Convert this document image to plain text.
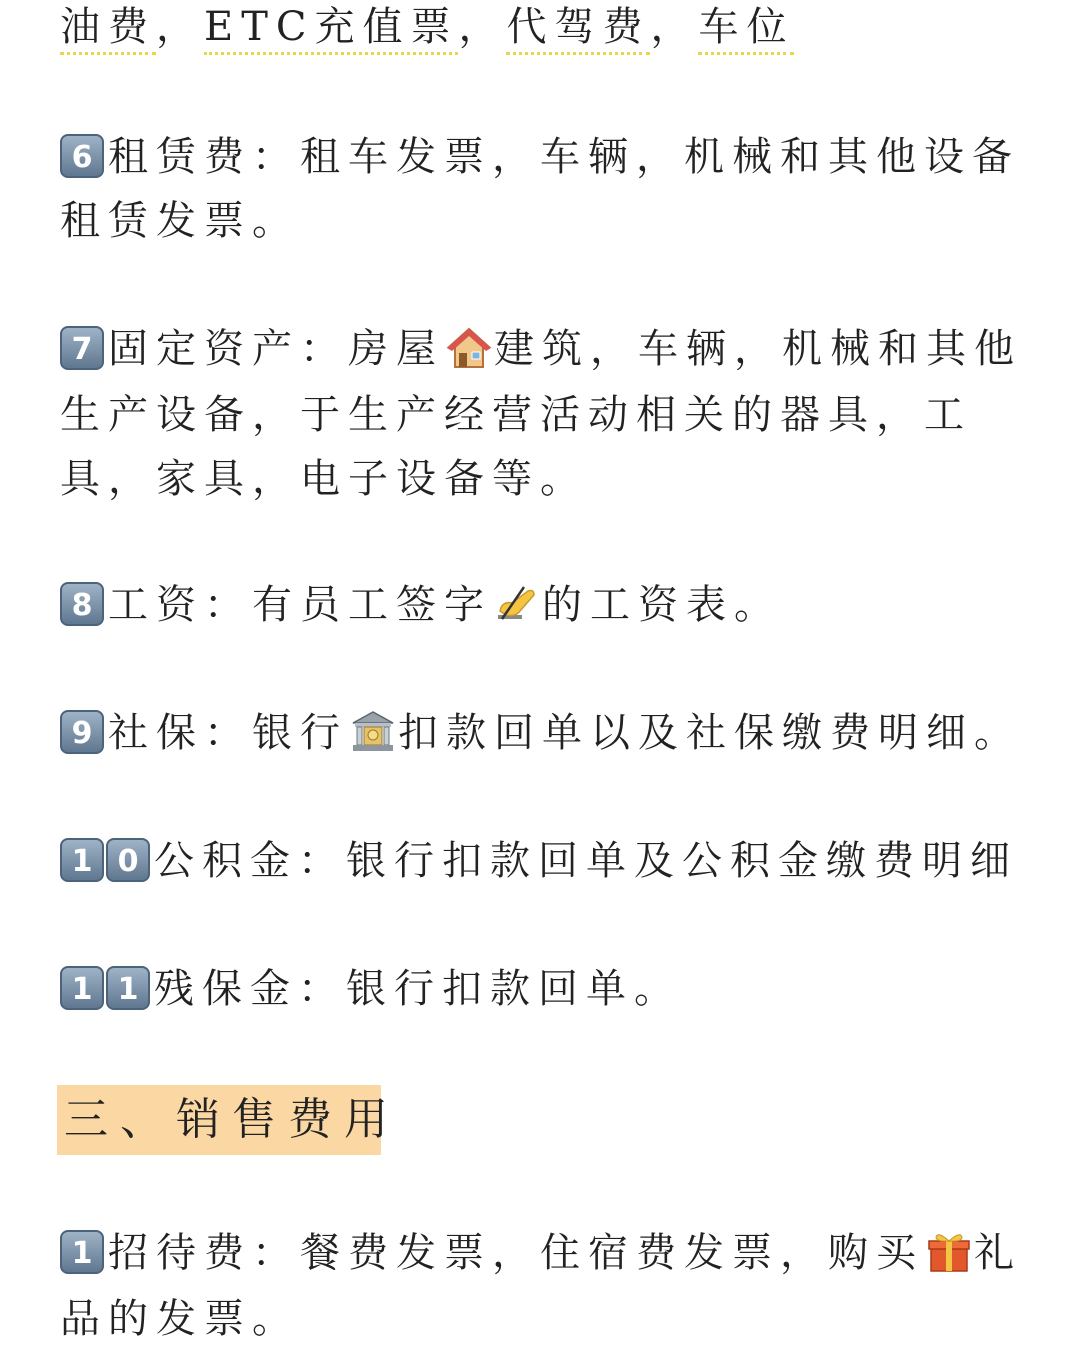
油费，ETC充值票，代驾费，车位
6 租赁费：租车发票，车辆，机械和其他设备
租赁发票。
7 固定资产：房屋 建筑，车辆，机械和其他
生产设备，于生产经营活动相关的器具，工
具，家具，电子设备等。
8 工资：有员工签字 的工资表。
9 社保：银行 扣款回单以及社保缴费明细。
1 0 公积金：银行扣款回单及公积金缴费明细
1 1 残保金：银行扣款回单。
三、销售费用
1 招待费：餐费发票，住宿费发票，购买 礼
品的发票。
